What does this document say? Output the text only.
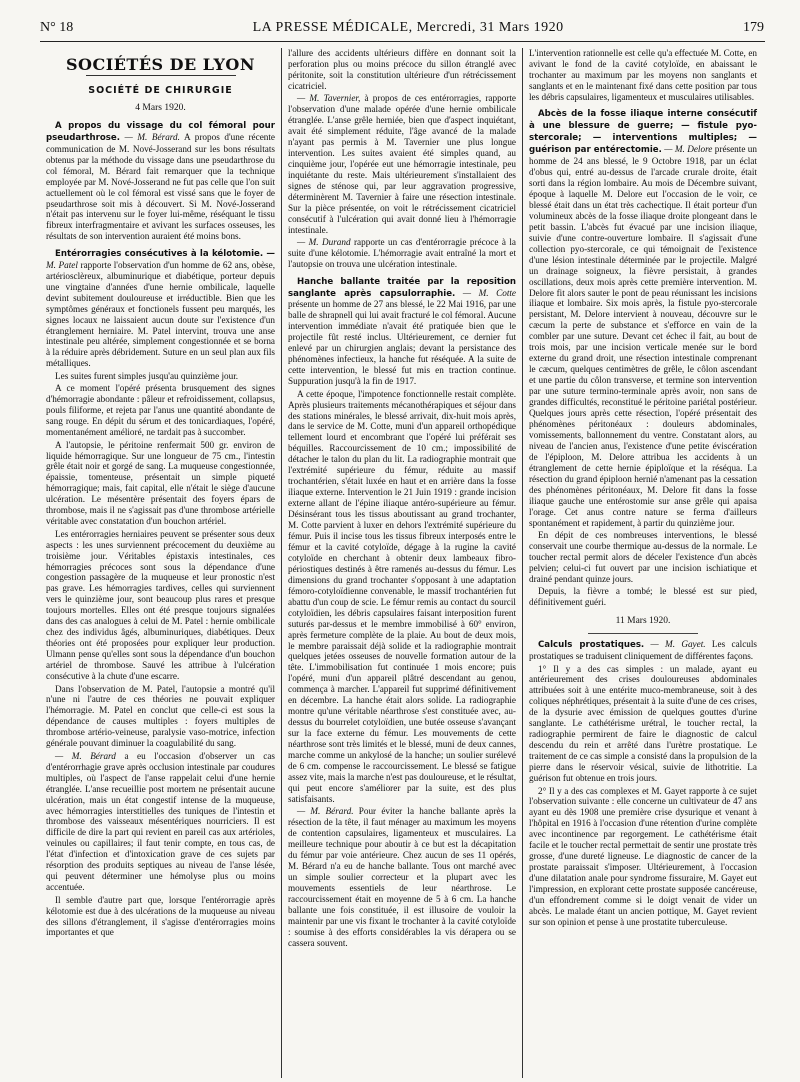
N° 18	LA PRESSE MÉDICALE, Mercredi, 31 Mars 1920	179
SOCIÉTÉS DE LYON
SOCIÉTÉ DE CHIRURGIE
4 Mars 1920.

A propos du vissage du col fémoral pour pseudarthrose. — M. Bérard. A propos d'une récente communication de M. Nové-Josserand sur les bons résultats obtenus par la méthode du vissage dans une pseudarthrose du col fémoral, M. Bérard fait remarquer que la technique employée par M. Nové-Josserand ne fut pas celle que l'on suit actuellement où le col fémoral est vissé sans que le foyer de pseudarthrose soit mis à découvert. Si M. Nové-Josserand n'était pas intervenu sur le foyer lui-même, réséquant le tissu fibreux interfragmentaire et avivant les surfaces osseuses, les résultats de son intervention auraient été moins bons.

Entérorragies consécutives à la kélotomie. — M. Patel rapporte l'observation d'un homme de 62 ans, obèse, artériosclèreux, albuminurique et diabétique, porteur depuis une vingtaine d'années d'une hernie ombilicale, laquelle devint subitement douloureuse et irréductible. Bien que les symptômes généraux et fonctionels fussent peu marqués, les signes locaux ne laissaient aucun doute sur l'existence d'un étranglement herniaire. M. Patel intervint, trouva une anse intestinale peu altérée, simplement congestionnée et se borna à la réduire après débridement. Suture en un seul plan aux fils métalliques.

Les suites furent simples jusqu'au quinzième jour.

A ce moment l'opéré présenta brusquement des signes d'hémorragie abondante : pâleur et refroidissement, collapsus, pouls filiforme, et rejeta par l'anus une quantité abondante de sang rouge. En dépit du sérum et des tonicardiaques, l'opéré, momentanément amélioré, ne tardait pas à succomber.

A l'autopsie, le péritoine renfermait 500 gr. environ de liquide hémorragique. Sur une longueur de 75 cm., l'intestin grêle était noir et gorgé de sang. La muqueuse congestionnée, épaissie, tomenteuse, présentait un simple piqueté hémorragique; mais, fait capital, elle n'était le siège d'aucune ulcération. Le mésentère présentait des foyers épars de thrombose, mais il ne s'agissait pas d'une thrombose artérielle véritable avec constatation d'un bouchon artériel.

Les entérorragies herniaires peuvent se présenter sous deux aspects : les unes surviennent précocement du deuxième au troisième jour. Véritables épistaxis intestinales, ces hémorragies précoces sont sous la dépendance d'une congestion passagère de la muqueuse et leur pronostic n'est pas grave. Les hémorragies tardives, celles qui surviennent vers le quinzième jour, sont beaucoup plus rares et presque toujours mortelles. Elles ont été presque toujours signalées dans des cas analogues à celui de M. Patel : hernie ombilicale chez des individus âgés, albuminuriques, diabétiques. Deux théories ont été proposées pour expliquer leur production. Ulmann pense qu'elles sont sous la dépendance d'un bouchon artériel de thrombose. Sauvé les attribue à l'ulcération consécutive à la chute d'une escarre.

Dans l'observation de M. Patel, l'autopsie a montré qu'il n'une ni l'autre de ces théories ne pouvait expliquer l'hémorragie. M. Patel en conclut que celle-ci est sous la dépendance de causes multiples : foyers multiples de thrombose artério-veineuse, paralysie vaso-motrice, infection générale pouvant diminuer la coagulabilité du sang.

— M. Bérard a eu l'occasion d'observer un cas d'entérorrhagie grave après occlusion intestinale par coudures multiples, où l'aspect de l'anse rappelait celui d'une hernie étranglée. L'anse recueillie post mortem ne présentait aucune ulcération, mais un état congestif intense de la muqueuse, avec hémorragies interstitielles des tuniques de l'intestin et thrombose des vaisseaux mésentériques nourriciers. Il est difficile de dire la part qui revient en pareil cas aux artérioles, veinules ou capillaires; il faut tenir compte, en tous cas, de l'état d'infection et d'intoxication grave de ces sujets par résorption des produits septiques au niveau de l'anse lésée, qui peuvent déterminer une hémolyse plus ou moins accentuée.

Il semble d'autre part que, lorsque l'entérorragie après kélotomie est due à des ulcérations de la muqueuse au niveau des sillons d'étranglement, il s'agisse d'entérorragies moins importantes et que

l'allure des accidents ultérieurs diffère en donnant soit la perforation plus ou moins précoce du sillon étranglé avec péritonite, soit la constitution ultérieure d'un rétrécissement cicatriciel.

— M. Tavernier, à propos de ces entérorragies, rapporte l'observation d'une malade opérée d'une hernie ombilicale étranglée. L'anse grêle herniée, bien que d'aspect inquiétant, avait été simplement réduite, l'âge avancé de la malade n'ayant pas permis à M. Tavernier une plus longue intervention. Les suites avaient été simples quand, au cinquième jour, l'opérée eut une hémorragie intestinale, peu inquiétante du reste. Mais ultérieurement s'installaient des signes de sténose qui, par leur aggravation progressive, déterminèrent M. Tavernier à faire une résection intestinale. Sur la pièce présentée, on voit le rétrécissement cicatriciel consécutif à l'ulcération qui avait donné lieu à l'hémorragie intestinale.

— M. Durand rapporte un cas d'entérorragie précoce à la suite d'une kélotomie. L'hémorragie avait entraîné la mort et l'autopsie on trouva une ulcération intestinale.

Hanche ballante traitée par la reposition sanglante après capsulorraphie. — M. Cotte présente un homme de 27 ans blessé, le 22 Mai 1916, par une balle de shrapnell qui lui avait fracturé le col fémoral. Aucune intervention immédiate n'avait été pratiquée bien que le projectile fût resté inclus. Ultérieurement, ce dernier fut enlevé par un chirurgien anglais; devant la persistance des phénomènes infectieux, la hanche fut réséquée. A la suite de cette intervention, le blessé fut mis en traction continue. Suppuration jusqu'à la fin de 1917.

A cette époque, l'impotence fonctionnelle restait complète. Après plusieurs traitements mécanothérapiques et séjour dans des stations minérales, le blessé arrivait, dix-huit mois après, dans le service de M. Cotte, muni d'un appareil orthopédique tellement lourd et encombrant que l'opéré lui préférait ses béquilles. Raccourcissement de 10 cm.; impossibilité de détacher le talon du plan du lit. La radiographie montrait que l'extrémité supérieure du fémur, réduite au massif trochantérien, s'était luxée en haut et en arrière dans la fosse iliaque externe. Intervention le 21 Juin 1919 : grande incision externe allant de l'épine iliaque antéro-supérieure au fémur. Désinsérant tous les tissus aboutissant au grand trochanter, M. Cotte parvient à luxer en dehors l'extrémité supérieure du fémur. Puis il incise tous les tissus fibreux interposés entre le fémur et la cavité cotyloïde, dégage à la rugine la cavité cotyloïde en cherchant à obtenir deux lambeaux fibro-périostiques destinés à être ramenés au-dessus du fémur. Les dimensions du grand trochanter s'opposant à une adaptation fémoro-cotyloïdienne convenable, le massif trochantérien fut abattu d'un coup de scie. Le fémur remis au contact du sourcil cotyloïdien, les débris capsulaires faisant interposition furent suturés par-dessus et le membre immobilisé à 60° environ, après fermeture complète de la plaie. Au bout de deux mois, le membre paraissait déjà solide et la radiographie montrait quelques jetées osseuses de nouvelle formation autour de la tête. L'immobilisation fut continuée 1 mois encore; puis l'opéré, muni d'un appareil plâtré descendant au genou, commença à marcher. L'appareil fut supprimé définitivement en décembre. La hanche était alors solide. La radiographie montre qu'une véritable néarthrose s'est constituée avec, au-dessus du bourrelet cotyloïdien, une butée osseuse s'avançant sur la face externe du fémur. Les mouvements de cette néarthrose sont très limités et le blessé, muni de deux cannes, marche comme un ankylosé de la hanche; un soulier surélevé de 6 cm. compense le raccourcissement. Le blessé se fatigue assez vite, mais la marche n'est pas douloureuse, et le résultat, qui peut encore s'améliorer par la suite, est des plus satisfaisants.

— M. Bérard. Pour éviter la hanche ballante après la résection de la tête, il faut ménager au maximum les moyens de contention capsulaires, ligamenteux et musculaires. La meilleure technique pour aboutir à ce but est la décapitation du fémur par voie antérieure. Chez aucun de ses 11 opérés, M. Bérard n'a eu de hanche ballante. Tous ont marché avec un simple soulier correcteur et la plupart avec les mouvements essentiels de leur néarthrose. Le raccourcissement était en moyenne de 5 à 6 cm. La hanche ballante une fois constituée, il est illusoire de vouloir la maintenir par une vis fixant le trochanter à la cavité cotyloïde : soumise à des efforts considérables la vis dérapera ou se cassera souvent.

L'intervention rationnelle est celle qu'a effectuée M. Cotte, en avivant le fond de la cavité cotyloïde, en abaissant le trochanter au maximum par les moyens non sanglants et sanglants et en le maintenant fixé dans cette position par tous les débris capsulaires, ligamenteux et musculaires utilisables.

Abcès de la fosse iliaque interne consécutif à une blessure de guerre; — fistule pyo-stercorale; — interventions multiples; — guérison par entérectomie. — M. Delore présente un homme de 24 ans blessé, le 9 Octobre 1918, par un éclat d'obus qui, entré au-dessus de l'arcade crurale droite, était sorti dans la région lombaire. Au mois de Décembre suivant, époque à laquelle M. Delore eut l'occasion de le voir, ce blessé était dans un état très cachectique. Il était porteur d'un volumineux abcès de la fosse iliaque droite plongeant dans le petit bassin. L'abcès fut évacué par une incision iliaque, suivie d'une contre-ouverture lombaire. Il s'agissait d'une collection pyo-stercorale, ce qui témoignait de l'existence d'une lésion intestinale déterminée par le projectile. Malgré un drainage soigneux, la fièvre persistait, à grandes oscillations, deux mois après cette première intervention. M. Delore fit alors sauter le pont de peau réunissant les incisions iliaque et lombaire. Six mois après, la fistule pyo-stercorale persistant, M. Delore intervient à nouveau, découvre sur le cæcum la perte de substance et s'efforce en vain de la combler par une suture. Devant cet échec il fait, au bout de trois mois, par une incision verticale menée sur le bord externe du grand droit, une résection intestinale comprenant le cæcum, quelques centimètres de grêle, le côlon ascendant et une partie du côlon transverse, et termine son intervention par une suture termino-terminale après avoir, non sans de grandes difficultés, reconstitué le péritoine pariétal postérieur. Quelques jours après cette résection, l'opéré présentait des phénomènes péritonéaux : douleurs abdominales, vomissements, ballonnement du ventre. Constatant alors, au niveau de l'ancien anus, l'existence d'une petite éviscération de l'épiploon, M. Delore attribua les accidents à un étranglement de cette hernie épiploïque et la réséqua. La résection du grand épiploon hernié n'amenant pas la cessation des phénomènes péritonéaux, M. Delore fit dans la fosse iliaque gauche une entérostomie sur anse grêle qui apaisa l'orage. Cet anus contre nature se ferma d'ailleurs spontanément et rapidement, à partir du quinzième jour.

En dépit de ces nombreuses interventions, le blessé conservait une courbe thermique au-dessus de la normale. Le toucher rectal permit alors de déceler l'existence d'un abcès pelvien; celui-ci fut ouvert par une incision ischiatique et drainé pendant quinze jours.

Depuis, la fièvre a tombé; le blessé est sur pied, définitivement guéri.

11 Mars 1920.

Calculs prostatiques. — M. Gayet. Les calculs prostatiques se traduisent cliniquement de différentes façons.

1° Il y a des cas simples : un malade, ayant eu antérieurement des crises douloureuses abdominales attribuées soit à une entérite muco-membraneuse, soit à des coliques néphrétiques, présentait à la suite d'une de ces crises, de la dysurie avec émission de quelques gouttes d'urine sanglante. Le cathétérisme urétral, le toucher rectal, la radiographie permirent de faire le diagnostic de calcul descendu du rein et arrêté dans l'urètre prostatique. Le traitement de ce cas simple a consisté dans la propulsion de la pierre dans le réservoir vésical, suivie de lithotritie. La guérison fut obtenue en trois jours.

2° Il y a des cas complexes et M. Gayet rapporte à ce sujet l'observation suivante : elle concerne un cultivateur de 47 ans ayant eu dès 1908 une première crise dysurique et venant à l'hôpital en 1916 à l'occasion d'une rétention d'urine complète avec incontinence par regorgement. Le cathétérisme était facile et le toucher rectal permettait de sentir une prostate très grosse, d'une dureté ligneuse. Le diagnostic de cancer de la prostate paraissait s'imposer. Ultérieurement, à l'occasion d'une dilatation anale pour syndrome fissuraire, M. Gayet eut l'impression, en explorant cette prostate supposée cancéreuse, d'un effondrement comme si le doigt venait de vider un abcès. Le malade étant un ancien pottique, M. Gayet revient sur son opinion et pense à une prostatite tuberculeuse.
